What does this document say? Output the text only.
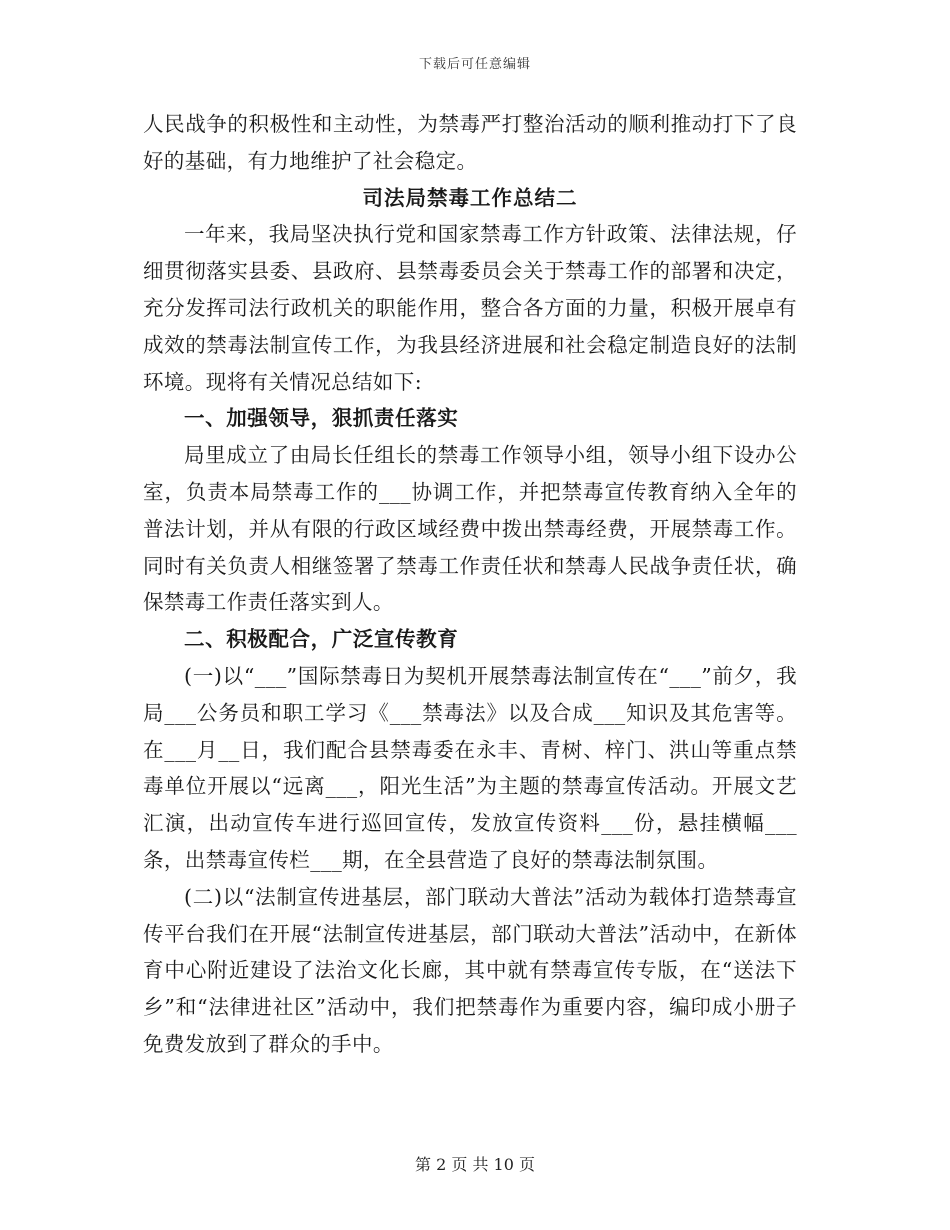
下载后可任意编辑

人民战争的积极性和主动性，为禁毒严打整治活动的顺利推动打下了良好的基础，有力地维护了社会稳定。

司法局禁毒工作总结二

一年来，我局坚决执行党和国家禁毒工作方针政策、法律法规，仔细贯彻落实县委、县政府、县禁毒委员会关于禁毒工作的部署和决定，充分发挥司法行政机关的职能作用，整合各方面的力量，积极开展卓有成效的禁毒法制宣传工作，为我县经济进展和社会稳定制造良好的法制环境。现将有关情况总结如下:

一、加强领导，狠抓责任落实

局里成立了由局长任组长的禁毒工作领导小组，领导小组下设办公室，负责本局禁毒工作的___协调工作，并把禁毒宣传教育纳入全年的普法计划，并从有限的行政区域经费中拨出禁毒经费，开展禁毒工作。同时有关负责人相继签署了禁毒工作责任状和禁毒人民战争责任状，确保禁毒工作责任落实到人。

二、积极配合，广泛宣传教育

(一)以“___”国际禁毒日为契机开展禁毒法制宣传在“___”前夕，我局___公务员和职工学习《___禁毒法》以及合成___知识及其危害等。在___月__日，我们配合县禁毒委在永丰、青树、梓门、洪山等重点禁毒单位开展以“远离___，阳光生活”为主题的禁毒宣传活动。开展文艺汇演，出动宣传车进行巡回宣传，发放宣传资料___份，悬挂横幅___条，出禁毒宣传栏___期，在全县营造了良好的禁毒法制氛围。

(二)以“法制宣传进基层，部门联动大普法”活动为载体打造禁毒宣传平台我们在开展“法制宣传进基层，部门联动大普法”活动中，在新体育中心附近建设了法治文化长廊，其中就有禁毒宣传专版，在“送法下乡”和“法律进社区”活动中，我们把禁毒作为重要内容，编印成小册子免费发放到了群众的手中。

第 2 页 共 10 页
